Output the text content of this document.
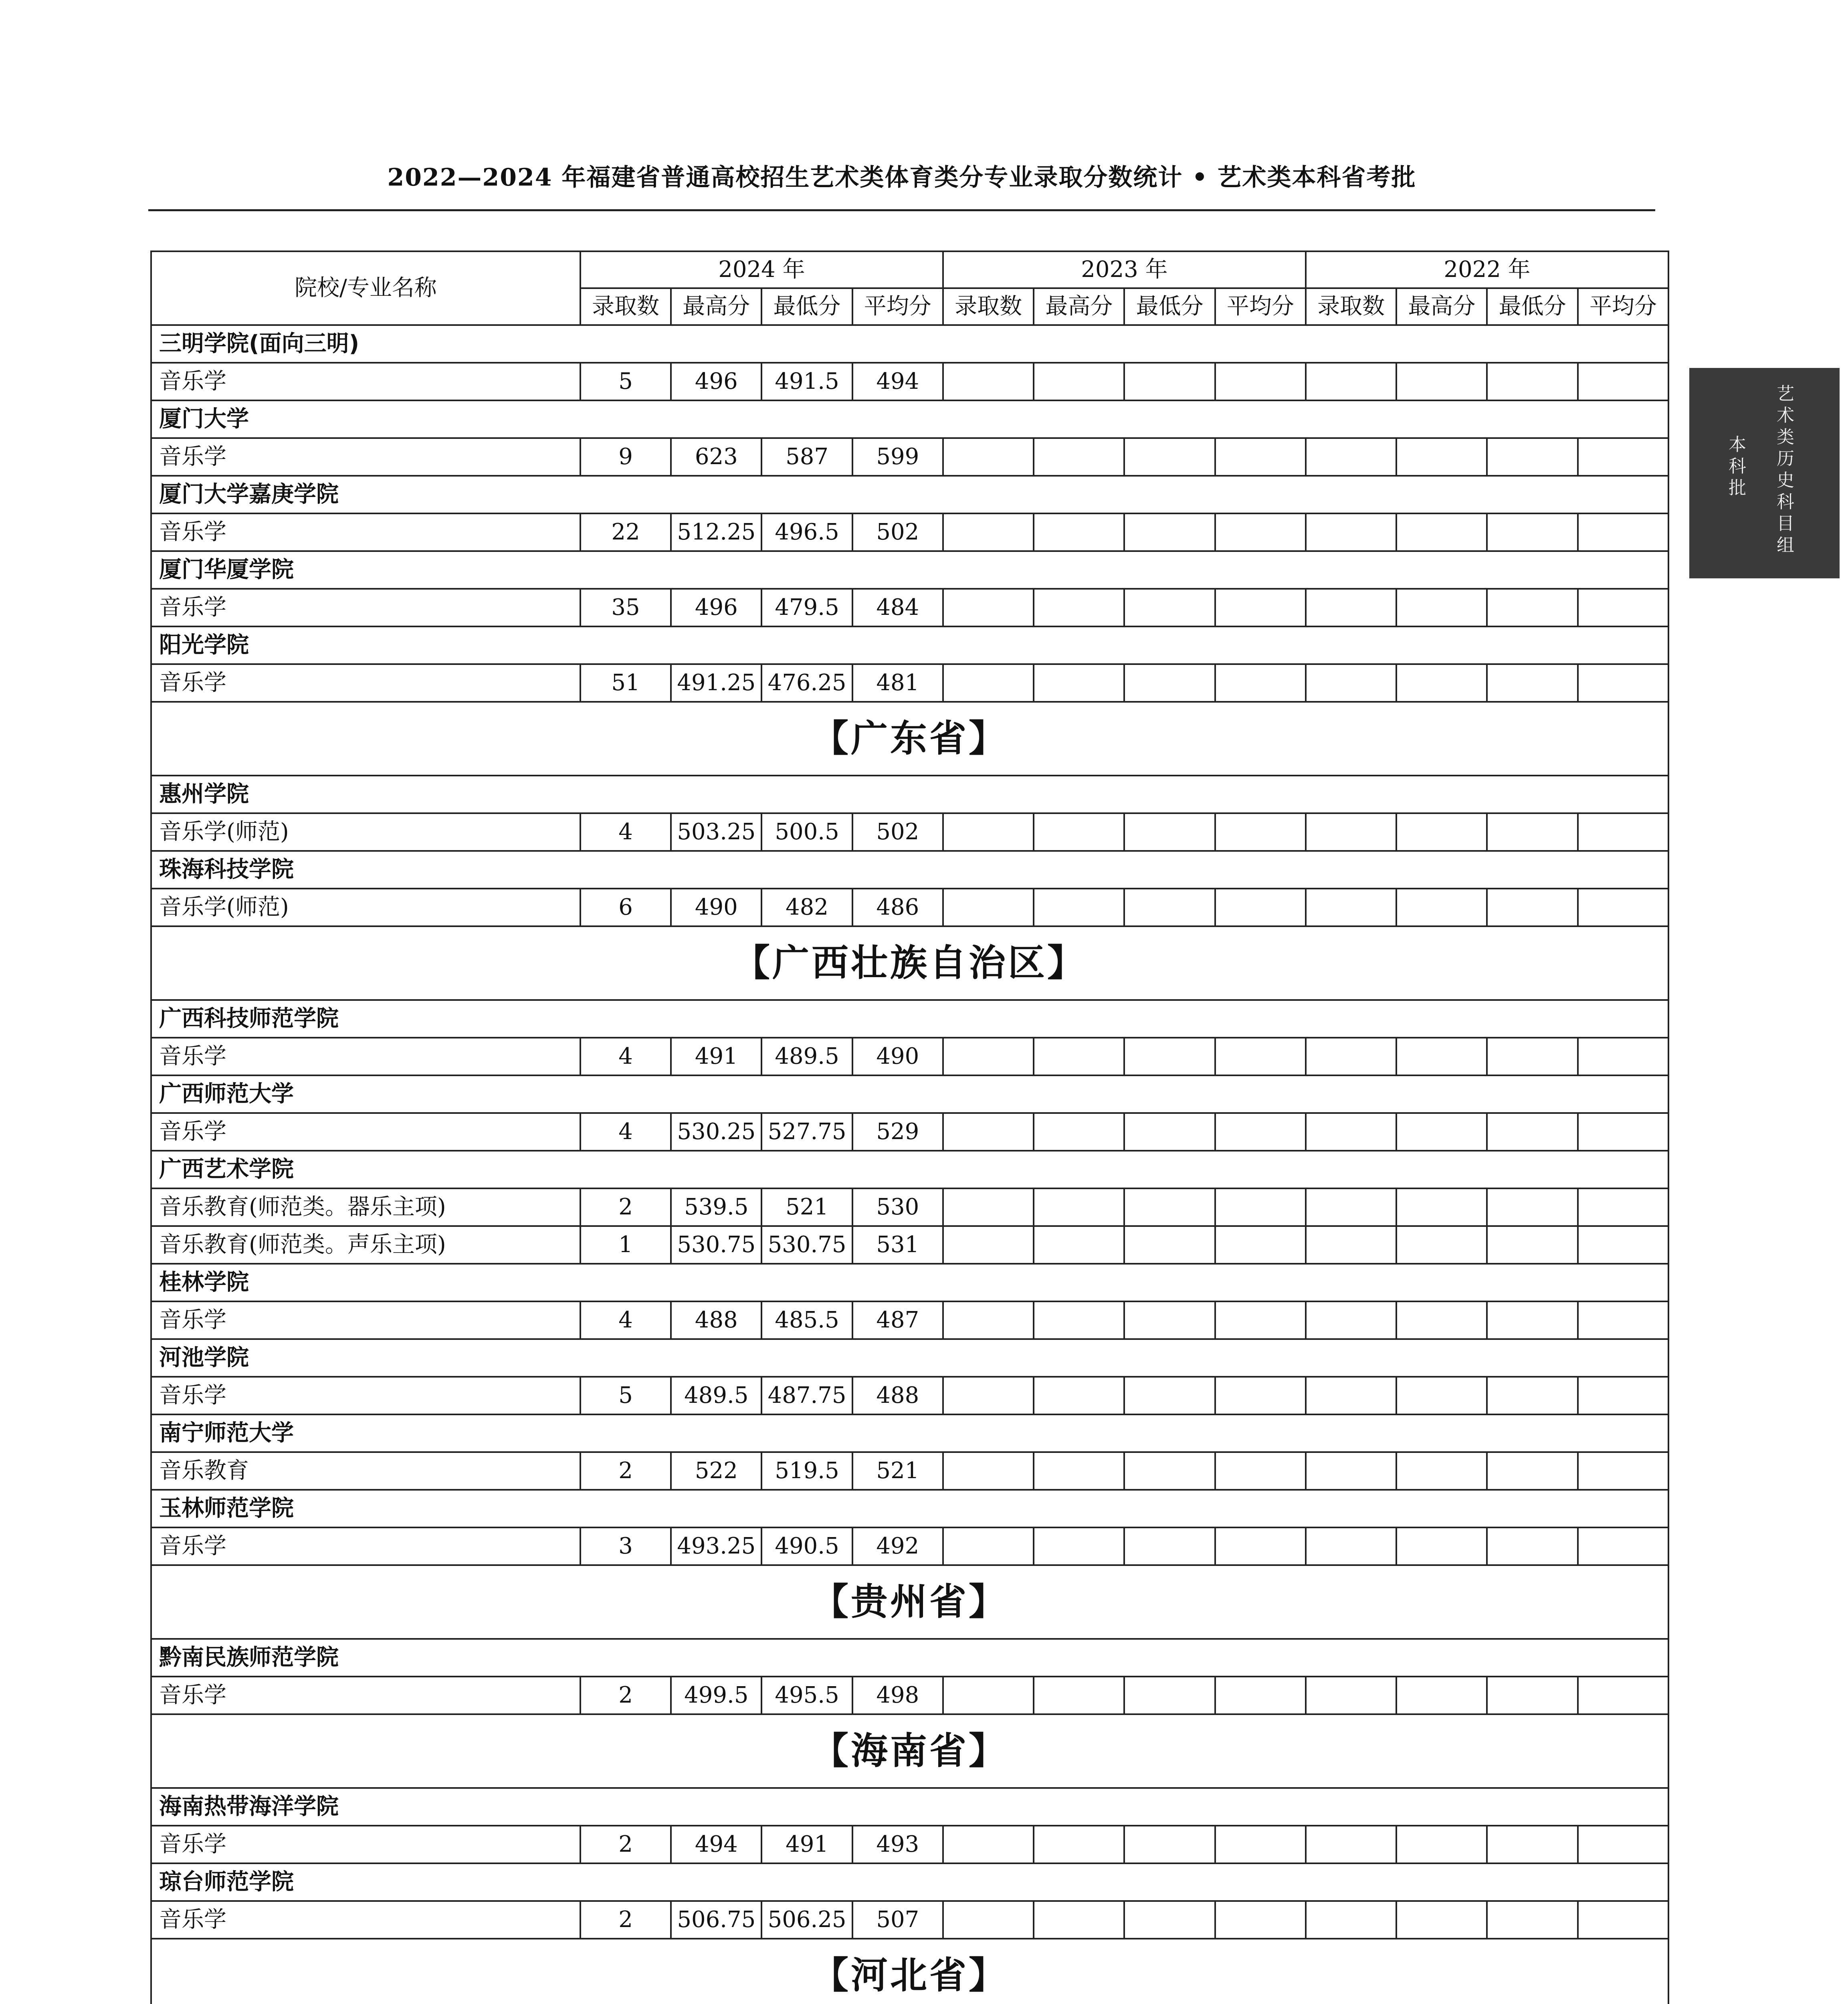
2022—2024 年福建省普通高校招生艺术类体育类分专业录取分数统计 • 艺术类本科省考批
艺
术
类
历
史
科
目
组
本
科
批
院校/专业名称	2024 年				2023 年				2022 年			
	录取数	最高分	最低分	平均分	录取数	最高分	最低分	平均分	录取数	最高分	最低分	平均分
三明学院(面向三明)												
音乐学	5	496	491.5	494								
厦门大学												
音乐学	9	623	587	599								
厦门大学嘉庚学院												
音乐学	22	512.25	496.5	502								
厦门华厦学院												
音乐学	35	496	479.5	484								
阳光学院												
音乐学	51	491.25	476.25	481								
【广东省】												
惠州学院												
音乐学(师范)	4	503.25	500.5	502								
珠海科技学院												
音乐学(师范)	6	490	482	486								
【广西壮族自治区】												
广西科技师范学院												
音乐学	4	491	489.5	490								
广西师范大学												
音乐学	4	530.25	527.75	529								
广西艺术学院												
音乐教育(师范类。器乐主项)	2	539.5	521	530								
音乐教育(师范类。声乐主项)	1	530.75	530.75	531								
桂林学院												
音乐学	4	488	485.5	487								
河池学院												
音乐学	5	489.5	487.75	488								
南宁师范大学												
音乐教育	2	522	519.5	521								
玉林师范学院												
音乐学	3	493.25	490.5	492								
【贵州省】												
黔南民族师范学院												
音乐学	2	499.5	495.5	498								
【海南省】												
海南热带海洋学院												
音乐学	2	494	491	493								
琼台师范学院												
音乐学	2	506.75	506.25	507								
【河北省】												
